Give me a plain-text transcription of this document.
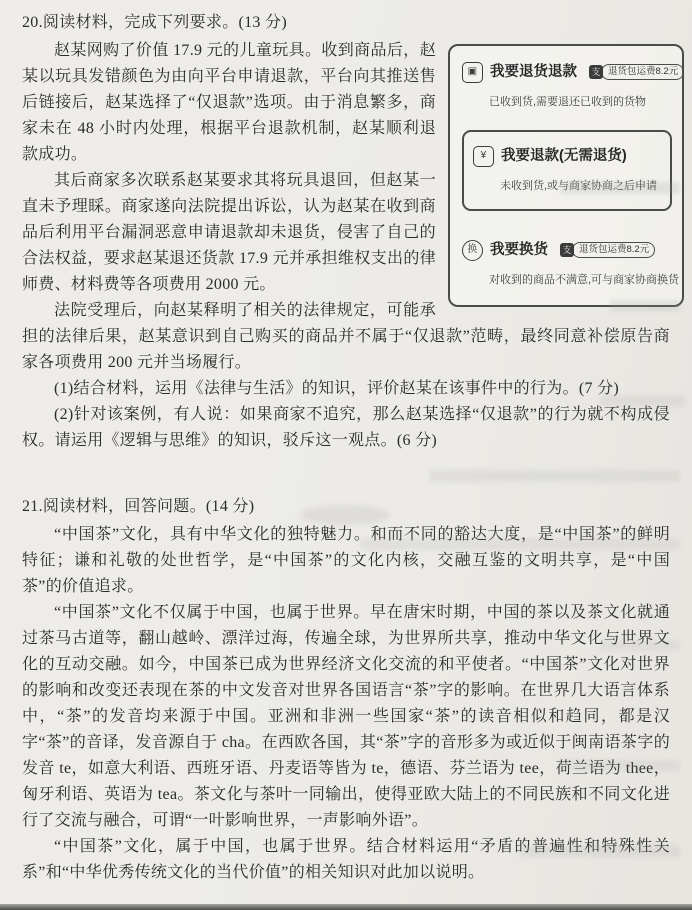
20.阅读材料，完成下列要求。(13 分)

▣ 我要退货退款 支 退货包运费8.2元
已收到货,需要退还已收到的货物
¥	我要退款(无需退货)
未收到货,或与商家协商之后申请
换 我要换货 支 退货包运费8.2元
对收到的商品不满意,可与商家协商换货

赵某网购了价值 17.9 元的儿童玩具。收到商品后，赵某以玩具发错颜色为由向平台申请退款，平台向其推送售后链接后，赵某选择了“仅退款”选项。由于消息繁多，商家未在 48 小时内处理，根据平台退款机制，赵某顺利退款成功。

其后商家多次联系赵某要求其将玩具退回，但赵某一直未予理睬。商家遂向法院提出诉讼，认为赵某在收到商品后利用平台漏洞恶意申请退款却未退货，侵害了自己的合法权益，要求赵某退还货款 17.9 元并承担维权支出的律师费、材料费等各项费用 2000 元。

法院受理后，向赵某释明了相关的法律规定，可能承担的法律后果，赵某意识到自己购买的商品并不属于“仅退款”范畴，最终同意补偿原告商家各项费用 200 元并当场履行。

(1)结合材料，运用《法律与生活》的知识，评价赵某在该事件中的行为。(7 分)

(2)针对该案例，有人说：如果商家不追究，那么赵某选择“仅退款”的行为就不构成侵权。请运用《逻辑与思维》的知识，驳斥这一观点。(6 分)

21.阅读材料，回答问题。(14 分)

“中国茶”文化，具有中华文化的独特魅力。和而不同的豁达大度，是“中国茶”的鲜明特征；谦和礼敬的处世哲学，是“中国茶”的文化内核，交融互鉴的文明共享，是“中国茶”的价值追求。

“中国茶”文化不仅属于中国，也属于世界。早在唐宋时期，中国的茶以及茶文化就通过茶马古道等，翻山越岭、漂洋过海，传遍全球，为世界所共享，推动中华文化与世界文化的互动交融。如今，中国茶已成为世界经济文化交流的和平使者。“中国茶”文化对世界的影响和改变还表现在茶的中文发音对世界各国语言“茶”字的影响。在世界几大语言体系中，“茶”的发音均来源于中国。亚洲和非洲一些国家“茶”的读音相似和趋同，都是汉字“茶”的音译，发音源自于 cha。在西欧各国，其“茶”字的音形多为或近似于闽南语茶字的发音 te，如意大利语、西班牙语、丹麦语等皆为 te，德语、芬兰语为 tee，荷兰语为 thee，匈牙利语、英语为 tea。茶文化与茶叶一同输出，使得亚欧大陆上的不同民族和不同文化进行了交流与融合，可谓“一叶影响世界，一声影响外语”。

“中国茶”文化，属于中国，也属于世界。结合材料运用“矛盾的普遍性和特殊性关系”和“中华优秀传统文化的当代价值”的相关知识对此加以说明。
